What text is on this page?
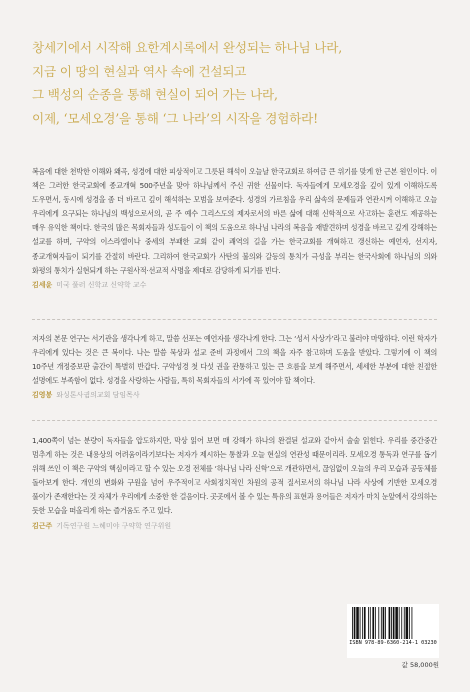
창세기에서 시작해 요한계시록에서 완성되는 하나님 나라,
지금 이 땅의 현실과 역사 속에 건설되고
그 백성의 순종을 통해 현실이 되어 가는 나라,
이제, ‘모세오경’을 통해 ‘그 나라’의 시작을 경험하라!

복음에 대한 천박한 이해와 왜곡, 성경에 대한 피상적이고 그릇된 해석이 오늘날 한국교회로 하여금 큰 위기를 맞게 한 근본 원인이다. 이 책은 그러한 한국교회에 종교개혁 500주년을 맞아 하나님께서 주신 귀한 선물이다. 독자들에게 모세오경을 깊이 있게 이해하도록 도우면서, 동시에 성경을 좀 더 바르고 깊이 해석하는 모범을 보여준다. 성경의 가르침을 우리 삶속의 문제들과 연관시켜 이해하고 오늘 우리에게 요구되는 하나님의 백성으로서의, 곧 주 예수 그리스도의 제자로서의 바른 삶에 대해 신학적으로 사고하는 훈련도 제공하는 매우 유익한 책이다. 한국의 많은 목회자들과 성도들이 이 책의 도움으로 하나님 나라의 복음을 재발견하며 성경을 바르고 깊게 강해하는 설교를 하며, 구약의 이스라엘이나 중세의 부패한 교회 같이 쾌역의 길을 가는 한국교회를 개혁하고 갱신하는 예언자, 선지자, 종교개혁자들이 되기를 간절히 바란다. 그리하여 한국교회가 사탄의 불의와 갈등의 통치가 극성을 부리는 한국사회에 하나님의 의와 화평의 통치가 실현되게 하는 구원사적·선교적 사명을 제대로 감당하게 되기를 빈다.

김세윤 미국 풀러 신학교 신약학 교수

저자의 본문 연구는 서기관을 생각나게 하고, 말씀 선포는 예언자를 생각나게 한다. 그는 ‘성서 사상가’라고 불러야 마땅하다. 이런 학자가 우리에게 있다는 것은 큰 복이다. 나는 말씀 묵상과 설교 준비 과정에서 그의 책을 자주 참고하며 도움을 받았다. 그렇기에 이 책의 10주년 개정증보판 출간이 특별히 반갑다. 구약성경 첫 다섯 권을 관통하고 있는 큰 흐름을 보게 해주면서, 세세한 부분에 대한 친절한 설명에도 부족함이 없다. 성경을 사랑하는 사람들, 특히 목회자들의 서가에 꼭 있어야 할 책이다.

김영봉 와싱톤사귐의교회 담임목사

1,400쪽이 넘는 분량이 독자들을 압도하지만, 막상 읽어 보면 매 강해가 하나의 완결된 설교와 같아서 술술 읽힌다. 우리를 중간중간 멈추게 하는 것은 내용상의 어려움이라기보다는 저자가 제시하는 통찰과 오늘 현실의 연관성 때문이리라. 모세오경 통독과 연구를 돕기 위해 쓰인 이 책은 구약의 핵심이라고 할 수 있는 오경 전체를 ‘하나님 나라 신학’으로 개관하면서, 끊임없이 오늘의 우리 모습과 공동체를 돌아보게 한다. 개인의 변화와 구원을 넘어 우주적이고 사회정치적인 차원의 공적 질서로서의 하나님 나라 사상에 기반한 모세오경 풀이가 존재한다는 것 자체가 우리에게 소중한 한 걸음이다. 곳곳에서 볼 수 있는 특유의 표현과 용어들은 저자가 마치 눈앞에서 강의하는 듯한 모습을 떠올리게 하는 즐거움도 주고 있다.

김근주 기독연구원 느헤미야 구약학 연구위원
ISBN 978-89-6360-214-1 03230
값 58,000원
